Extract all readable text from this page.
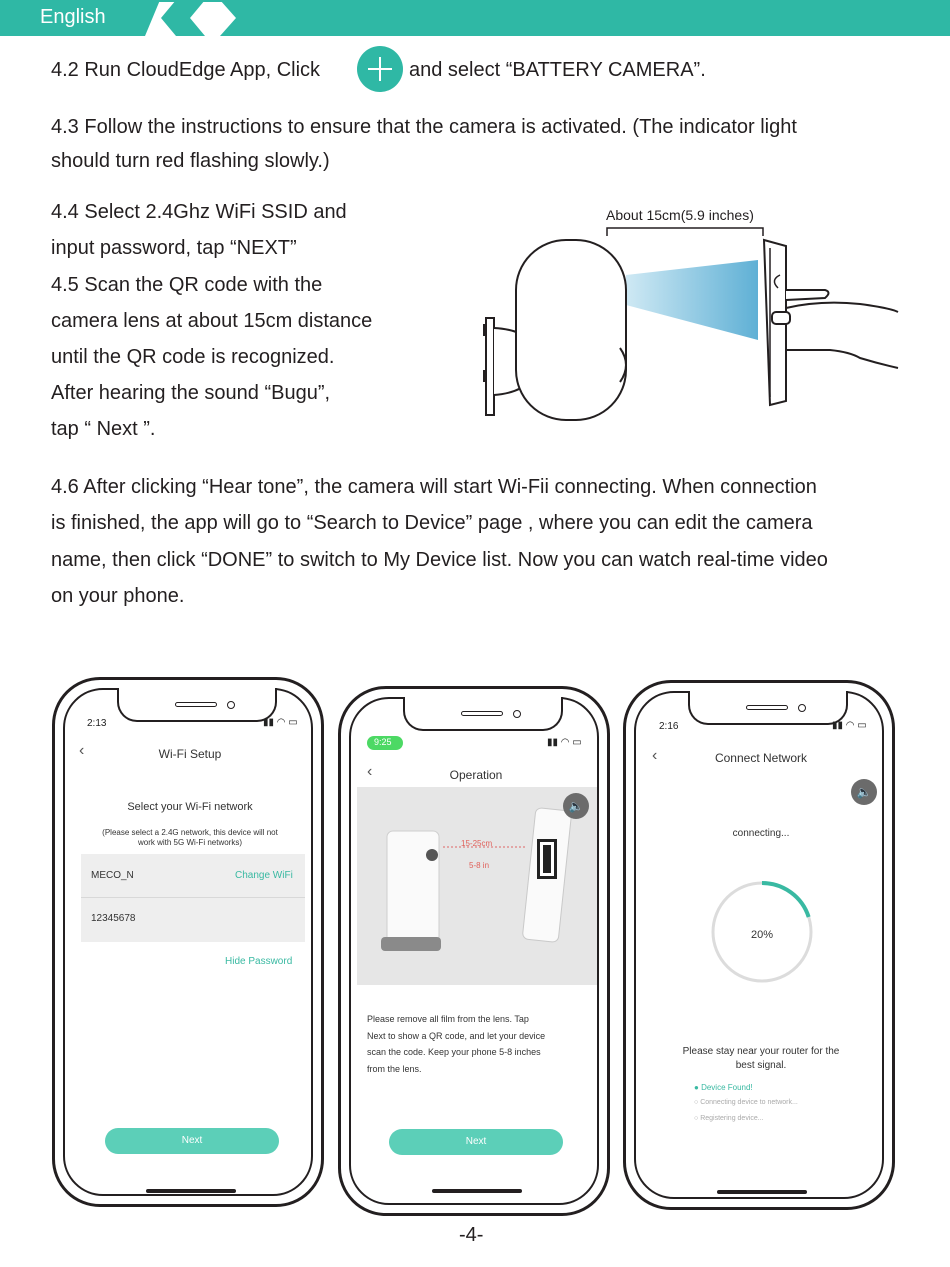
English
4.2 Run CloudEdge App, Click	and select “BATTERY CAMERA”.
4.3 Follow the instructions to ensure that the camera is activated. (The indicator light
should turn red flashing slowly.)
4.4 Select 2.4Ghz WiFi SSID and
input password, tap “NEXT”
4.5 Scan the QR code with the
camera lens at about 15cm distance
until the QR code is recognized.
After hearing the sound “Bugu”,
tap “ Next ”.
About 15cm(5.9 inches)
4.6 After clicking “Hear tone”, the camera will start Wi-Fii connecting. When connection
is finished, the app will go to “Search to Device” page , where you can edit the camera
name, then click “DONE” to switch to My Device list. Now you can watch real-time video
on your phone.
2:13	▮▮ ◠ ▭
‹	Wi-Fi Setup
Select your Wi-Fi network
(Please select a 2.4G network, this device will not
work with 5G Wi-Fi networks)
MECO_N	Change WiFi
12345678
Hide Password
Next
9:25	▮▮ ◠ ▭
‹	Operation
🔈
15-25cm
5-8 in
Please remove all film from the lens. Tap
Next to show a QR code, and let your device
scan the code. Keep your phone 5-8 inches
from the lens.
Next
2:16	▮▮ ◠ ▭
‹	Connect Network
🔈
connecting...
20%
Please stay near your router for the
best signal.
● Device Found!
○ Connecting device to network...
○ Registering device...
-4-
